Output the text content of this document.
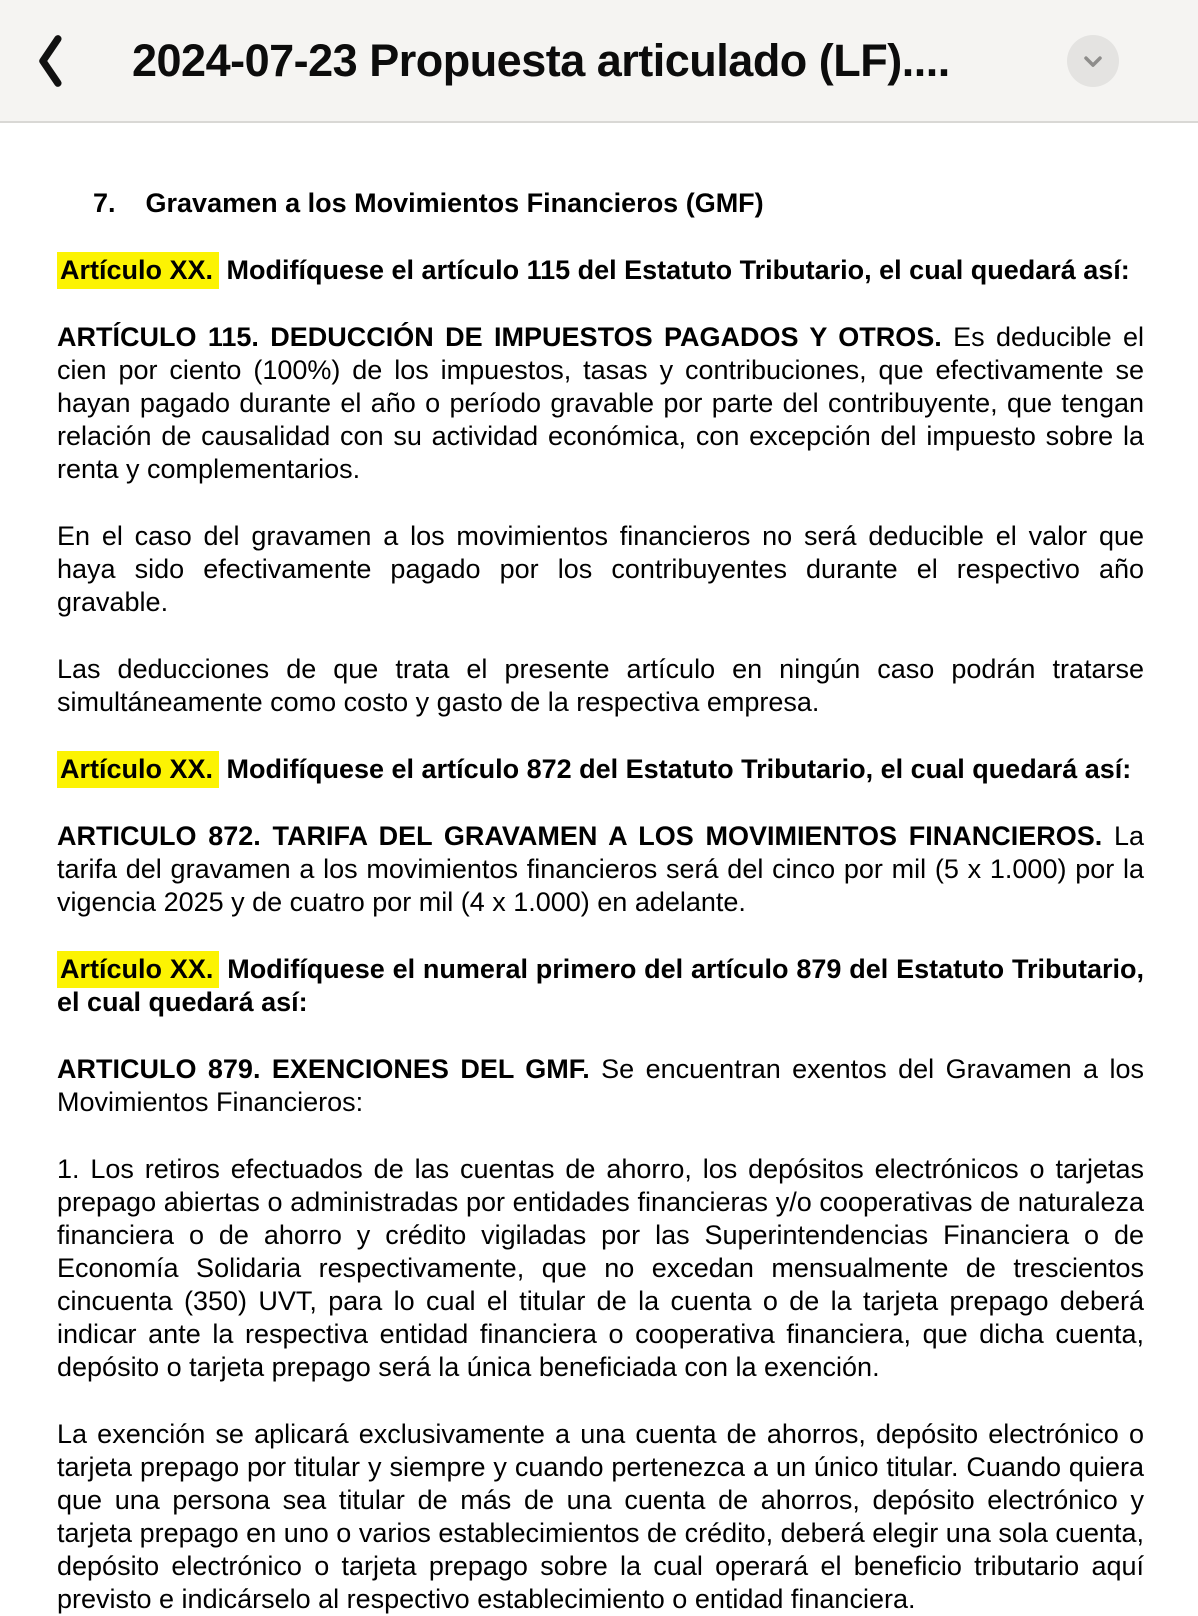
2024-07-23 Propuesta articulado (LF)....

7. Gravamen a los Movimientos Financieros (GMF)

Artículo XX. Modifíquese el artículo 115 del Estatuto Tributario, el cual quedará así:

ARTÍCULO 115. DEDUCCIÓN DE IMPUESTOS PAGADOS Y OTROS. Es deducible el cien por ciento (100%) de los impuestos, tasas y contribuciones, que efectivamente se hayan pagado durante el año o período gravable por parte del contribuyente, que tengan relación de causalidad con su actividad económica, con excepción del impuesto sobre la renta y complementarios.

En el caso del gravamen a los movimientos financieros no será deducible el valor que haya sido efectivamente pagado por los contribuyentes durante el respectivo año gravable.

Las deducciones de que trata el presente artículo en ningún caso podrán tratarse simultáneamente como costo y gasto de la respectiva empresa.

Artículo XX. Modifíquese el artículo 872 del Estatuto Tributario, el cual quedará así:

ARTICULO 872. TARIFA DEL GRAVAMEN A LOS MOVIMIENTOS FINANCIEROS. La tarifa del gravamen a los movimientos financieros será del cinco por mil (5 x 1.000) por la vigencia 2025 y de cuatro por mil (4 x 1.000) en adelante.

Artículo XX. Modifíquese el numeral primero del artículo 879 del Estatuto Tributario, el cual quedará así:

ARTICULO 879. EXENCIONES DEL GMF. Se encuentran exentos del Gravamen a los Movimientos Financieros:

1. Los retiros efectuados de las cuentas de ahorro, los depósitos electrónicos o tarjetas prepago abiertas o administradas por entidades financieras y/o cooperativas de naturaleza financiera o de ahorro y crédito vigiladas por las Superintendencias Financiera o de Economía Solidaria respectivamente, que no excedan mensualmente de trescientos cincuenta (350) UVT, para lo cual el titular de la cuenta o de la tarjeta prepago deberá indicar ante la respectiva entidad financiera o cooperativa financiera, que dicha cuenta, depósito o tarjeta prepago será la única beneficiada con la exención.

La exención se aplicará exclusivamente a una cuenta de ahorros, depósito electrónico o tarjeta prepago por titular y siempre y cuando pertenezca a un único titular. Cuando quiera que una persona sea titular de más de una cuenta de ahorros, depósito electrónico y tarjeta prepago en uno o varios establecimientos de crédito, deberá elegir una sola cuenta, depósito electrónico o tarjeta prepago sobre la cual operará el beneficio tributario aquí previsto e indicárselo al respectivo establecimiento o entidad financiera.
